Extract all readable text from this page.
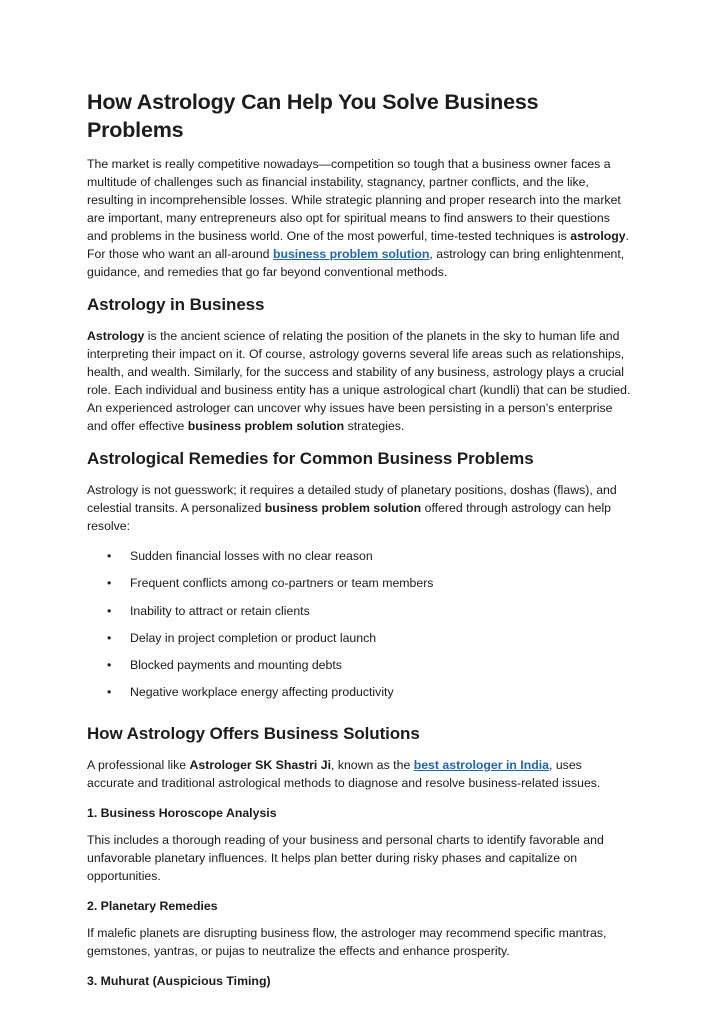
How Astrology Can Help You Solve Business Problems

The market is really competitive nowadays—competition so tough that a business owner faces a multitude of challenges such as financial instability, stagnancy, partner conflicts, and the like, resulting in incomprehensible losses. While strategic planning and proper research into the market are important, many entrepreneurs also opt for spiritual means to find answers to their questions and problems in the business world. One of the most powerful, time-tested techniques is astrology. For those who want an all-around business problem solution, astrology can bring enlightenment, guidance, and remedies that go far beyond conventional methods.

Astrology in Business

Astrology is the ancient science of relating the position of the planets in the sky to human life and interpreting their impact on it. Of course, astrology governs several life areas such as relationships, health, and wealth. Similarly, for the success and stability of any business, astrology plays a crucial role. Each individual and business entity has a unique astrological chart (kundli) that can be studied. An experienced astrologer can uncover why issues have been persisting in a person’s enterprise and offer effective business problem solution strategies.

Astrological Remedies for Common Business Problems

Astrology is not guesswork; it requires a detailed study of planetary positions, doshas (flaws), and celestial transits. A personalized business problem solution offered through astrology can help resolve:

• Sudden financial losses with no clear reason
• Frequent conflicts among co-partners or team members
• Inability to attract or retain clients
• Delay in project completion or product launch
• Blocked payments and mounting debts
• Negative workplace energy affecting productivity
How Astrology Offers Business Solutions

A professional like Astrologer SK Shastri Ji, known as the best astrologer in India, uses accurate and traditional astrological methods to diagnose and resolve business-related issues.

1. Business Horoscope Analysis

This includes a thorough reading of your business and personal charts to identify favorable and unfavorable planetary influences. It helps plan better during risky phases and capitalize on opportunities.

2. Planetary Remedies

If malefic planets are disrupting business flow, the astrologer may recommend specific mantras, gemstones, yantras, or pujas to neutralize the effects and enhance prosperity.

3. Muhurat (Auspicious Timing)
